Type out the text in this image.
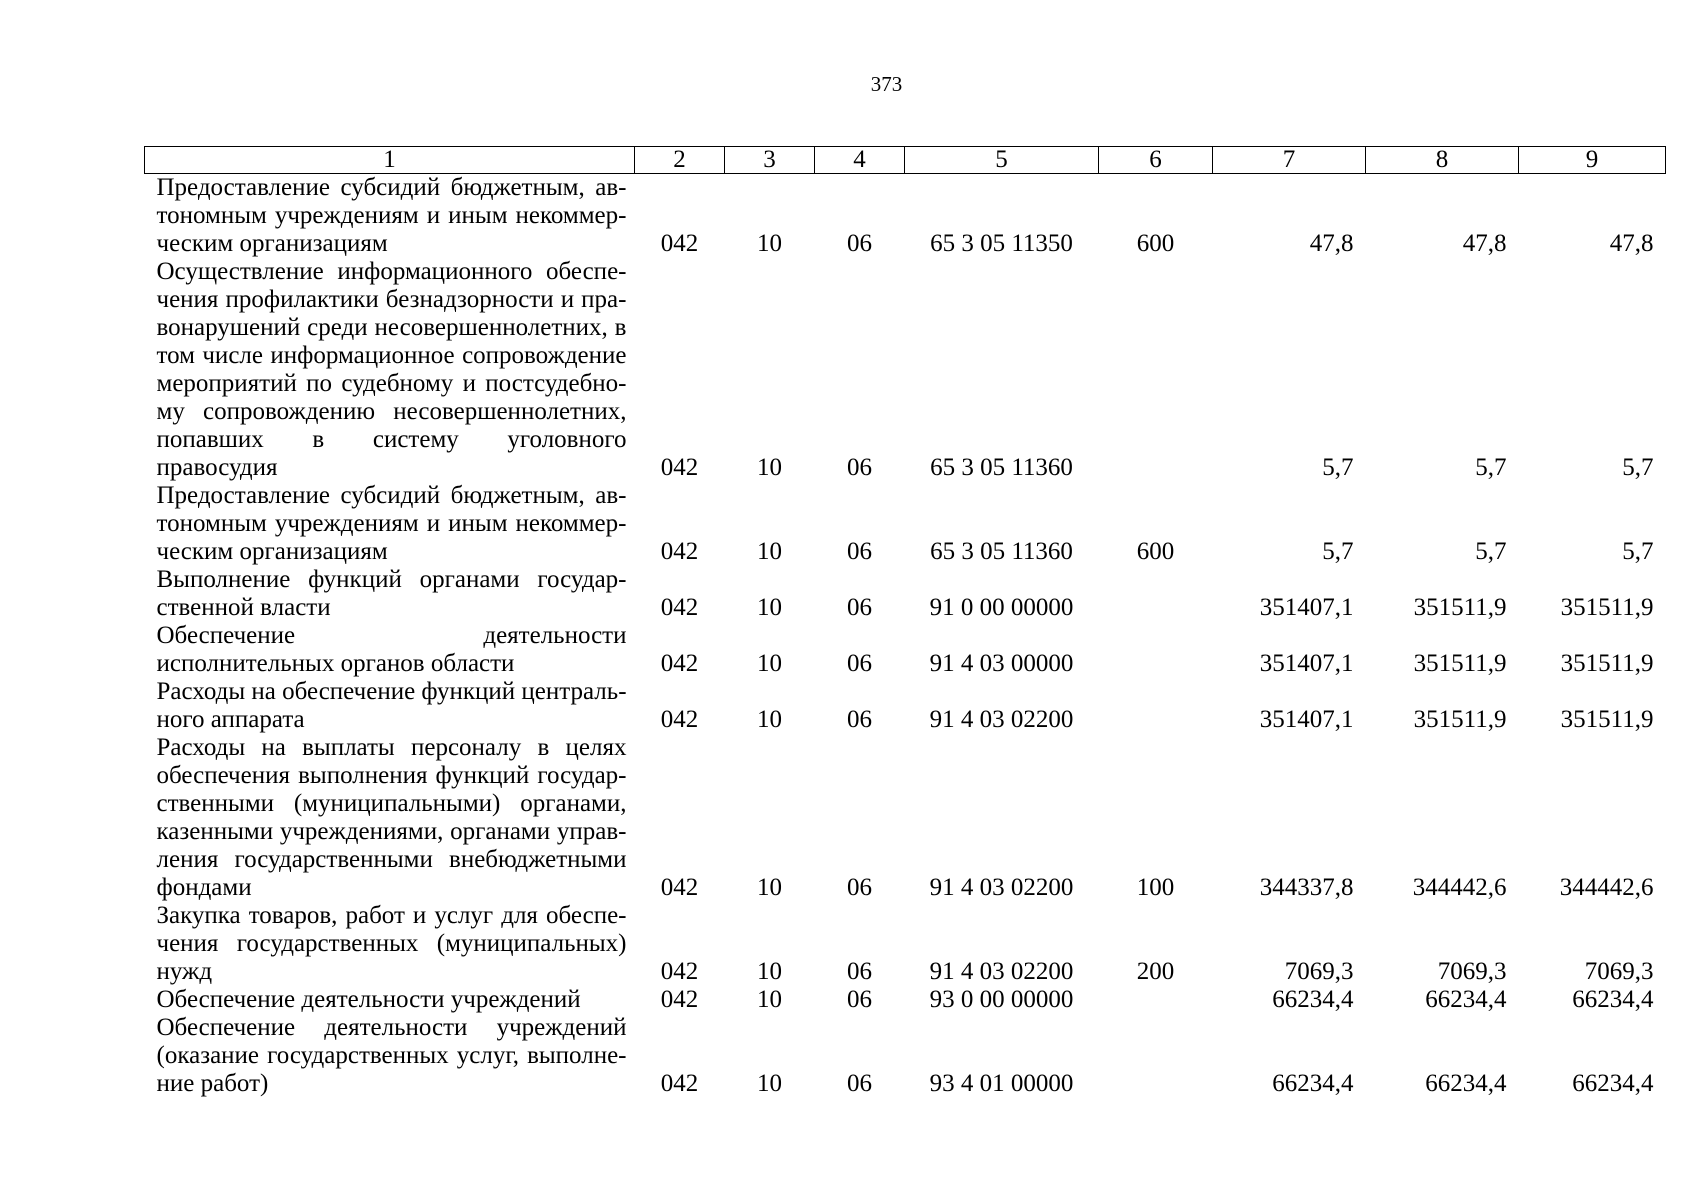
373
1	2	3	4	5	6	7	8	9
Предоставление субсидий бюджетным, автономным учреждениям и иным некоммерческим организациям	042	10	06	65 3 05 11350	600	47,8	47,8	47,8
Осуществление информационного обеспечения профилактики безнадзорности и правонарушений среди несовершеннолетних, в том числе информационное сопровождение мероприятий по судебному и постсудебному сопровождению несовершеннолетних, попавших в систему уголовного правосудия	042	10	06	65 3 05 11360		5,7	5,7	5,7
Предоставление субсидий бюджетным, автономным учреждениям и иным некоммерческим организациям	042	10	06	65 3 05 11360	600	5,7	5,7	5,7
Выполнение функций органами государственной власти	042	10	06	91 0 00 00000		351407,1	351511,9	351511,9
Обеспечение деятельности исполнительных органов области	042	10	06	91 4 03 00000		351407,1	351511,9	351511,9
Расходы на обеспечение функций центрального аппарата	042	10	06	91 4 03 02200		351407,1	351511,9	351511,9
Расходы на выплаты персоналу в целях обеспечения выполнения функций государственными (муниципальными) органами, казенными учреждениями, органами управления государственными внебюджетными фондами	042	10	06	91 4 03 02200	100	344337,8	344442,6	344442,6
Закупка товаров, работ и услуг для обеспечения государственных (муниципальных) нужд	042	10	06	91 4 03 02200	200	7069,3	7069,3	7069,3
Обеспечение деятельности учреждений	042	10	06	93 0 00 00000		66234,4	66234,4	66234,4
Обеспечение деятельности учреждений (оказание государственных услуг, выполнение работ)	042	10	06	93 4 01 00000		66234,4	66234,4	66234,4
